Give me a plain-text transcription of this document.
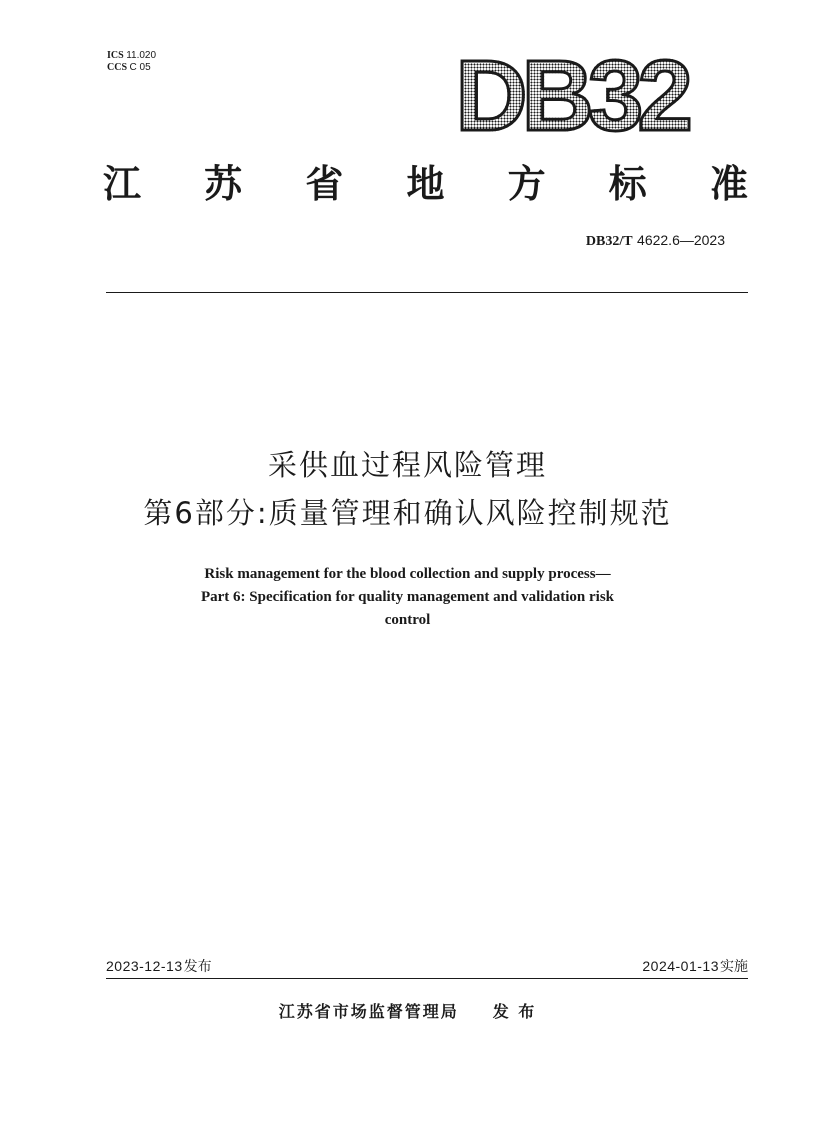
ICS 11.020
CCS C 05	DB32
江 苏 省 地 方 标 准
DB32/T 4622.6—2023
采供血过程风险管理
第6部分:质量管理和确认风险控制规范
Risk management for the blood collection and supply process—
Part 6: Specification for quality management and validation risk
control
2023-12-13发布	2024-01-13实施
江苏省市场监督管理局 发 布
